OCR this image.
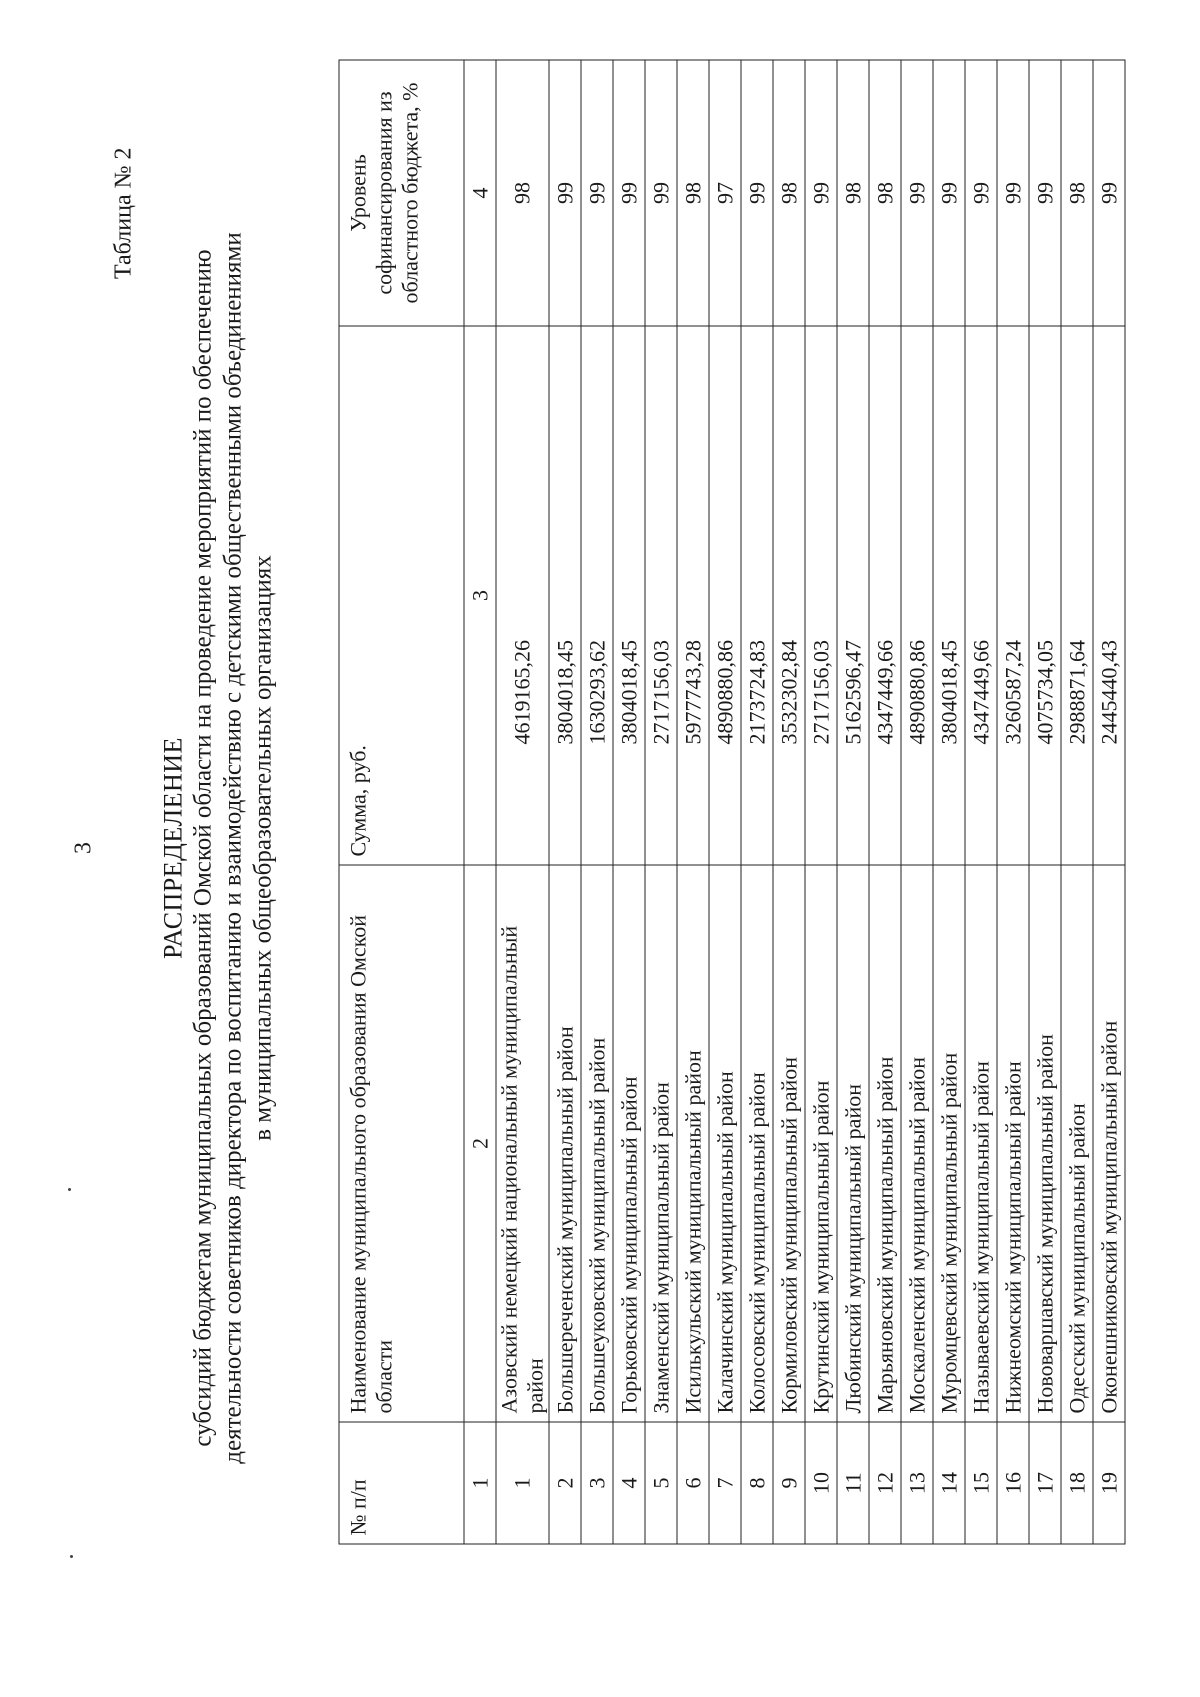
3
Таблица № 2
РАСПРЕДЕЛЕНИЕ субсидий бюджетам муниципальных образований Омской области на проведение мероприятий по обеспечению деятельности советников директора по воспитанию и взаимодействию с детскими общественными объединениями в муниципальных общеобразовательных организациях
№ п/п	Наименование муниципального образования Омской области	Сумма, руб.	Уровень софинансирования из областного бюджета, %
1	2	3	4
1	Азовский немецкий национальный муниципальный район	4619165,26	98
2	Большереченский муниципальный район	3804018,45	99
3	Большеуковский муниципальный район	1630293,62	99
4	Горьковский муниципальный район	3804018,45	99
5	Знаменский муниципальный район	2717156,03	99
6	Исилькульский муниципальный район	5977743,28	98
7	Калачинский муниципальный район	4890880,86	97
8	Колосовский муниципальный район	2173724,83	99
9	Кормиловский муниципальный район	3532302,84	98
10	Крутинский муниципальный район	2717156,03	99
11	Любинский муниципальный район	5162596,47	98
12	Марьяновский муниципальный район	4347449,66	98
13	Москаленский муниципальный район	4890880,86	99
14	Муромцевский муниципальный район	3804018,45	99
15	Называевский муниципальный район	4347449,66	99
16	Нижнеомский муниципальный район	3260587,24	99
17	Нововаршавский муниципальный район	4075734,05	99
18	Одесский муниципальный район	2988871,64	98
19	Оконешниковский муниципальный район	2445440,43	99
